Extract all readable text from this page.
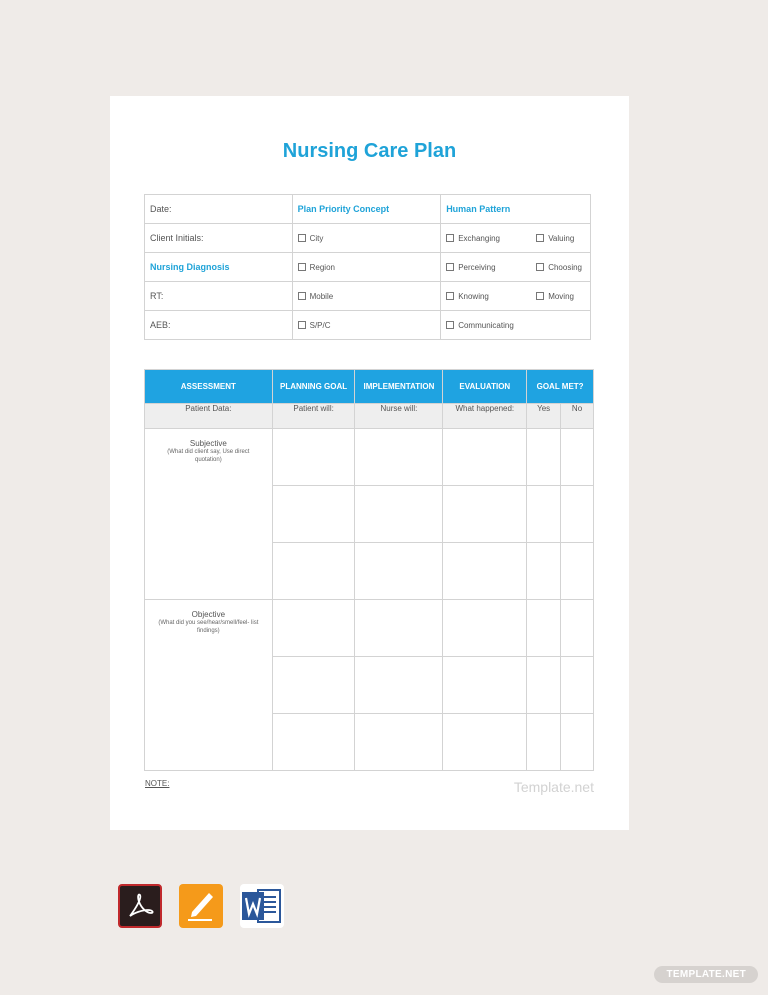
Nursing Care Plan
Date:	Plan Priority Concept	Human Pattern
Client Initials:	City	Exchanging Valuing
Nursing Diagnosis	Region	Perceiving Choosing
RT:	Mobile	Knowing Moving
AEB:	S/P/C	Communicating
ASSESSMENT	PLANNING GOAL	IMPLEMENTATION	EVALUATION	GOAL MET?	
Patient Data:	Patient will:	Nurse will:	What happened:	Yes	No

Subjective
(What did client say, Use direct quotation)					

Objective
(What did you see/hear/smell/feel- list findings)					

NOTE:	Template.net
TEMPLATE.NET
